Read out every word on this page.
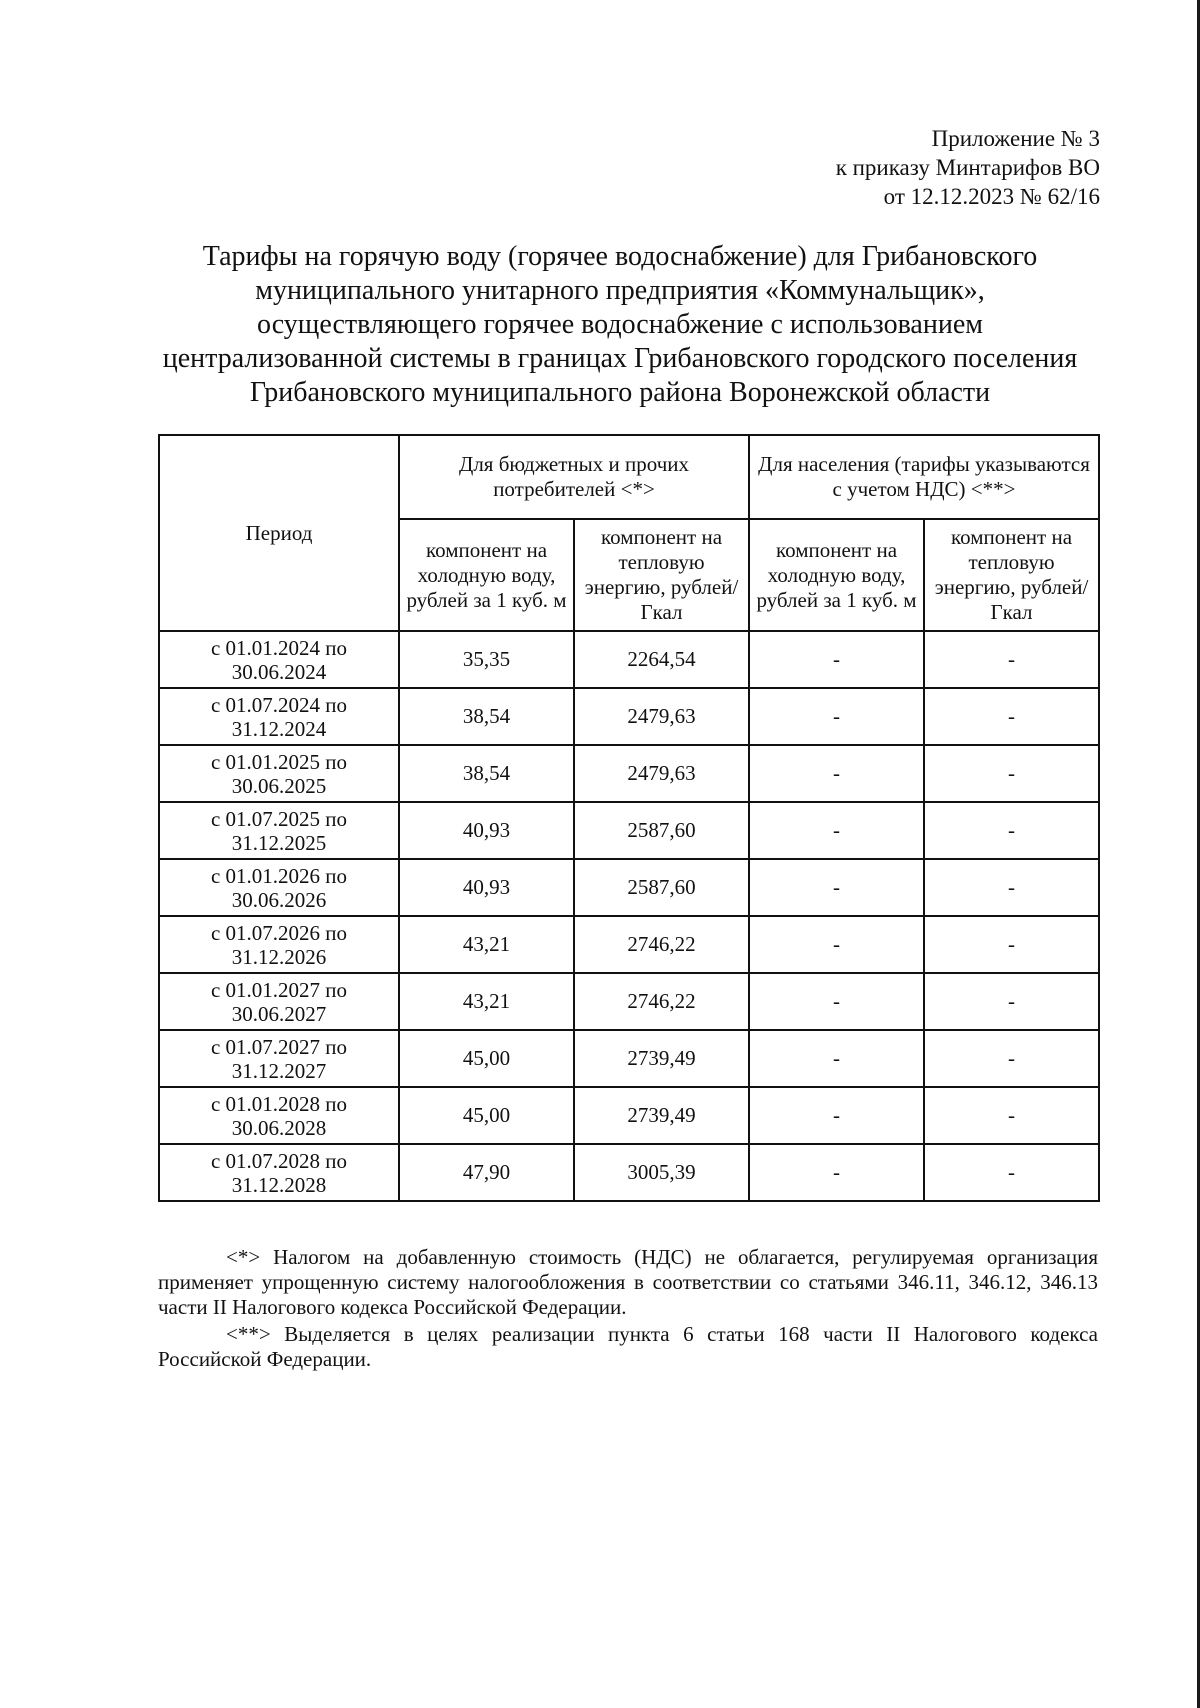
Приложение № 3
к приказу Минтарифов ВО
от 12.12.2023 № 62/16
Тарифы на горячую воду (горячее водоснабжение) для Грибановского
муниципального унитарного предприятия «Коммунальщик»,
осуществляющего горячее водоснабжение с использованием
централизованной системы в границах Грибановского городского поселения
Грибановского муниципального района Воронежской области
Период	Для бюджетных и прочих потребителей <*>		Для населения (тарифы указываются с учетом НДС) <**>	
	компонент на холодную воду, рублей за 1 куб. м	компонент на тепловую энергию, рублей/Гкал	компонент на холодную воду, рублей за 1 куб. м	компонент на тепловую энергию, рублей/Гкал

с 01.01.2024 по
30.06.2024	35,35	2264,54	-	-

с 01.07.2024 по
31.12.2024	38,54	2479,63	-	-

с 01.01.2025 по
30.06.2025	38,54	2479,63	-	-

с 01.07.2025 по
31.12.2025	40,93	2587,60	-	-

с 01.01.2026 по
30.06.2026	40,93	2587,60	-	-

с 01.07.2026 по
31.12.2026	43,21	2746,22	-	-

с 01.01.2027 по
30.06.2027	43,21	2746,22	-	-

с 01.07.2027 по
31.12.2027	45,00	2739,49	-	-

с 01.01.2028 по
30.06.2028	45,00	2739,49	-	-

с 01.07.2028 по
31.12.2028	47,90	3005,39	-	-

<*> Налогом на добавленную стоимость (НДС) не облагается, регулируемая организация применяет упрощенную систему налогообложения в соответствии со статьями 346.11, 346.12, 346.13 части II Налогового кодекса Российской Федерации.

<**> Выделяется в целях реализации пункта 6 статьи 168 части II Налогового кодекса Российской Федерации.
